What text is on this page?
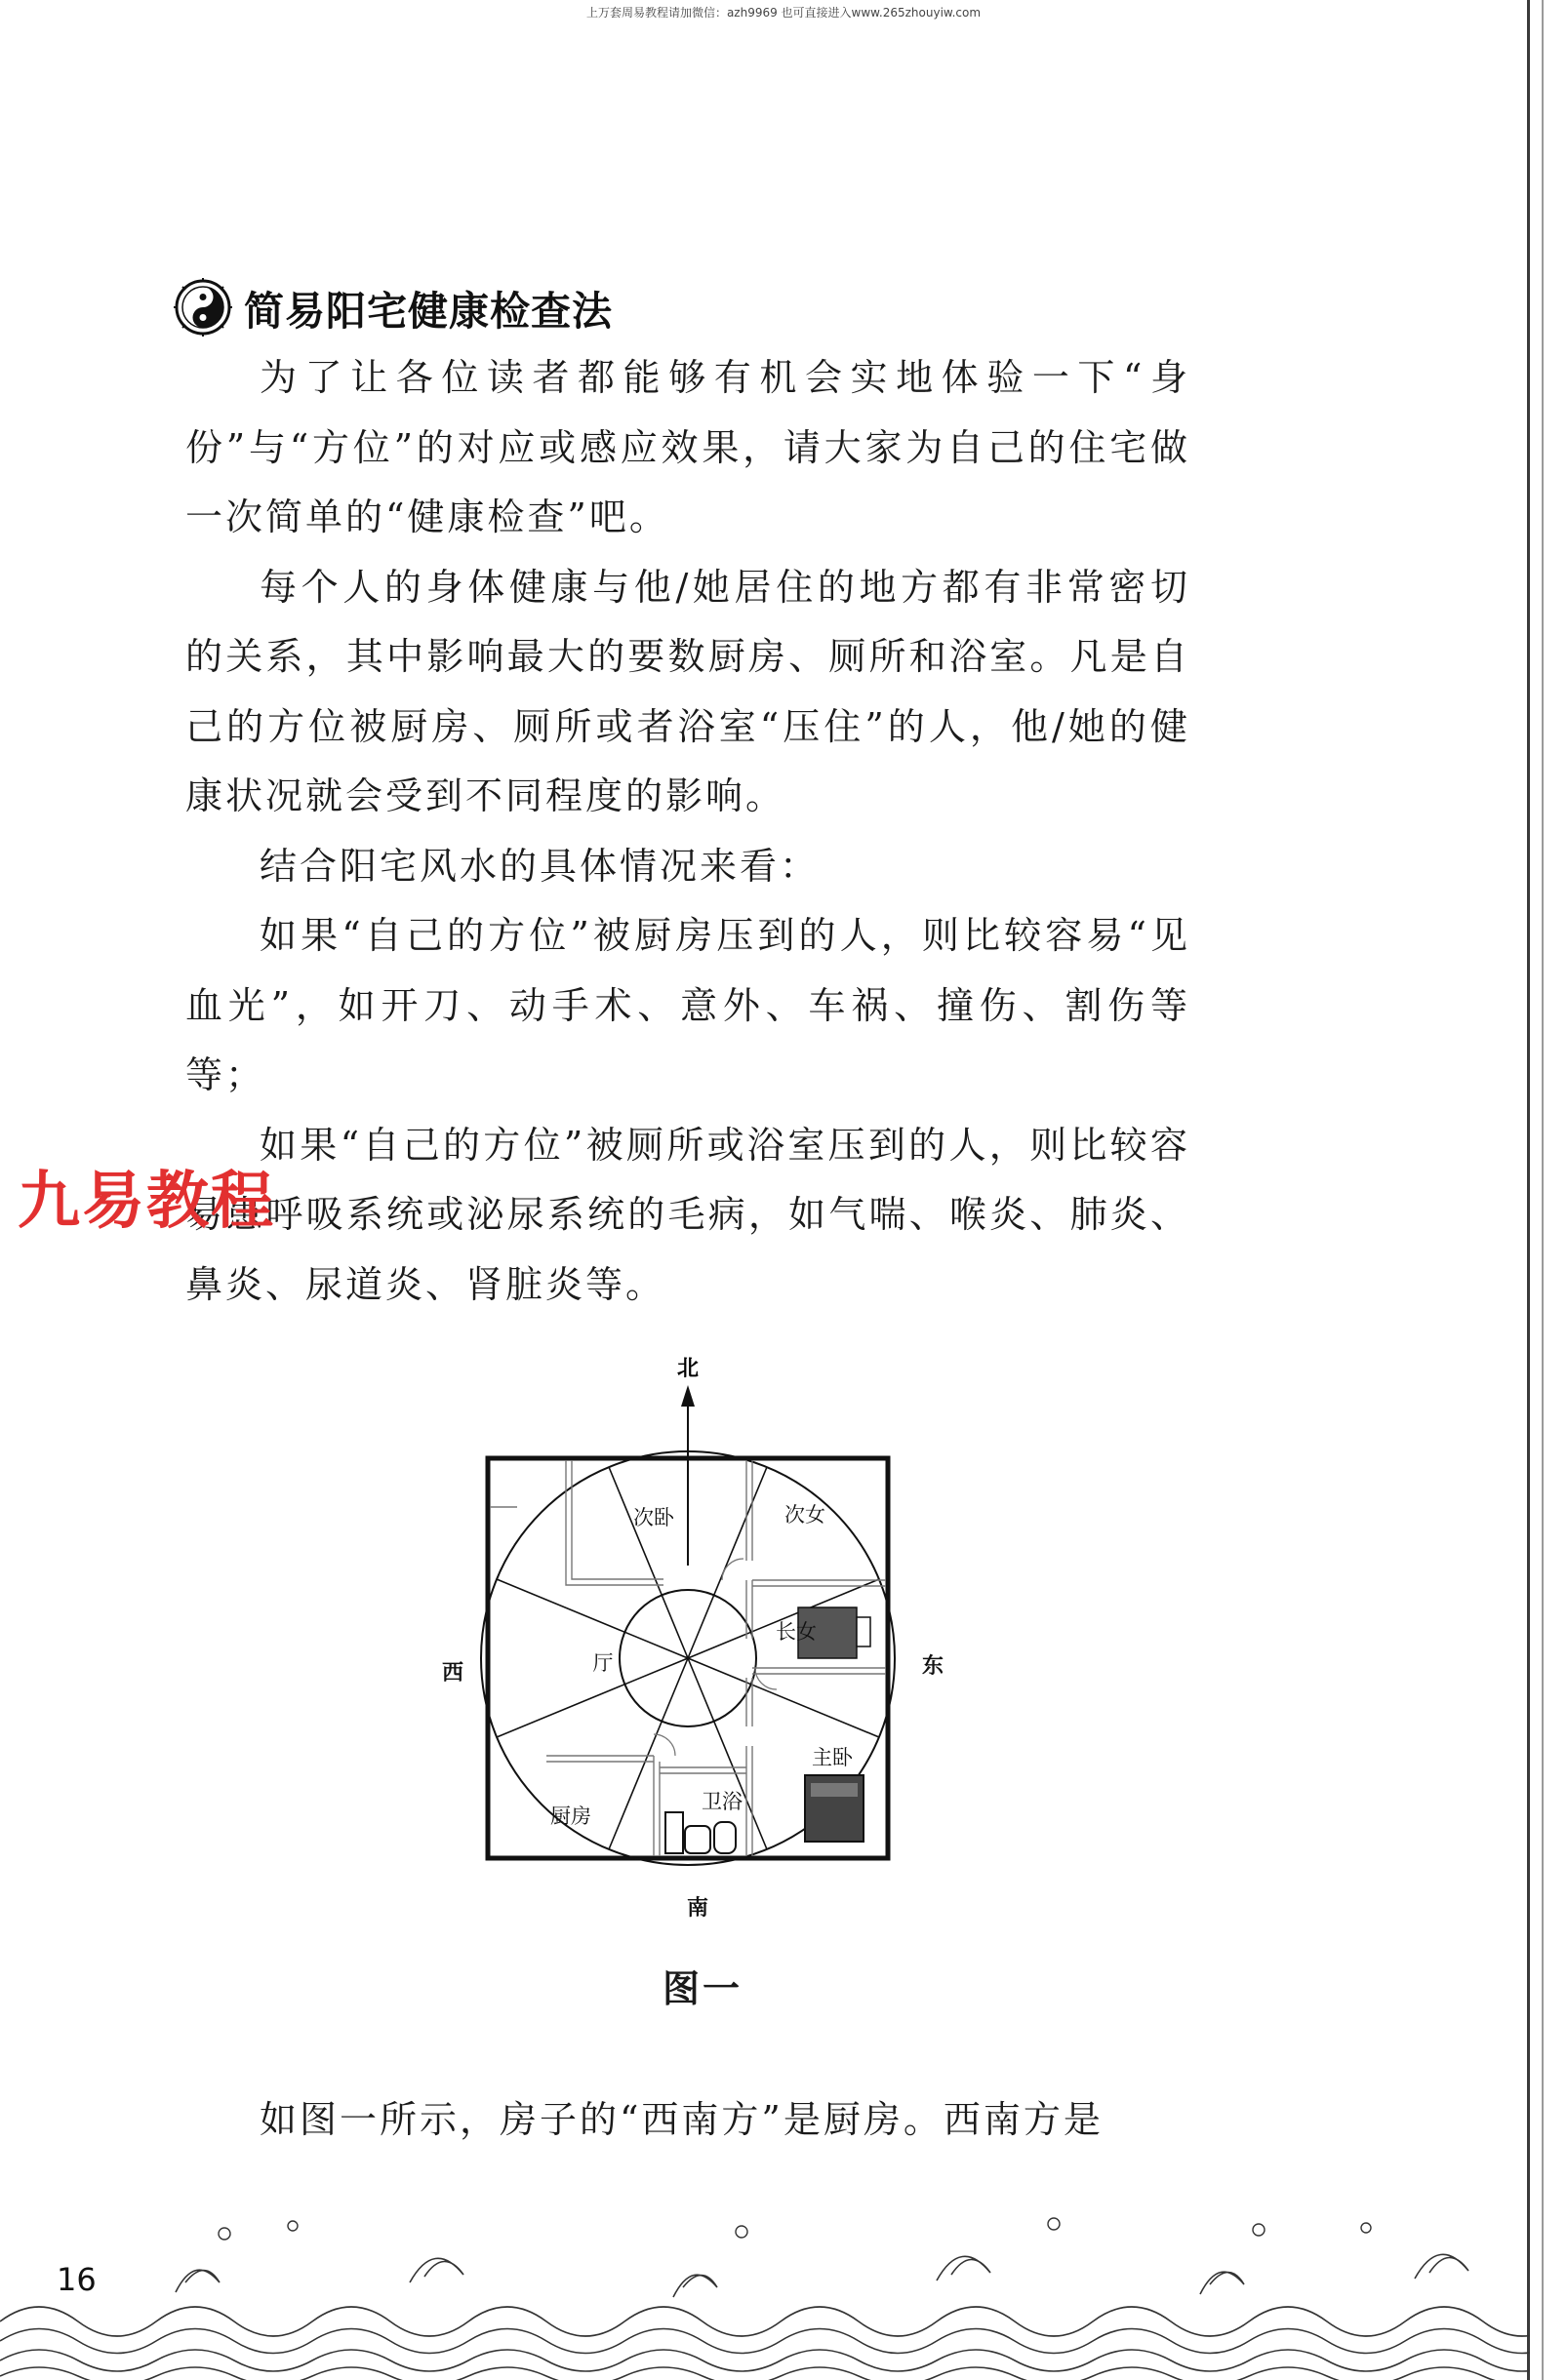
上万套周易教程请加微信：azh9969 也可直接进入www.265zhouyiw.com
简易阳宅健康检查法

为了让各位读者都能够有机会实地体验一下“身份”与“方位”的对应或感应效果，请大家为自己的住宅做一次简单的“健康检查”吧。

每个人的身体健康与他/她居住的地方都有非常密切的关系，其中影响最大的要数厨房、厕所和浴室。凡是自己的方位被厨房、厕所或者浴室“压住”的人，他/她的健康状况就会受到不同程度的影响。

结合阳宅风水的具体情况来看：

如果“自己的方位”被厨房压到的人，则比较容易“见血光”，如开刀、动手术、意外、车祸、撞伤、割伤等等；

如果“自己的方位”被厕所或浴室压到的人，则比较容易患呼吸系统或泌尿系统的毛病，如气喘、喉炎、肺炎、鼻炎、尿道炎、肾脏炎等。

九易教程
北
次卧	次女
长女
厅
主卧
厨房
卫浴
西	东
南
图一

如图一所示，房子的“西南方”是厨房。西南方是

16
